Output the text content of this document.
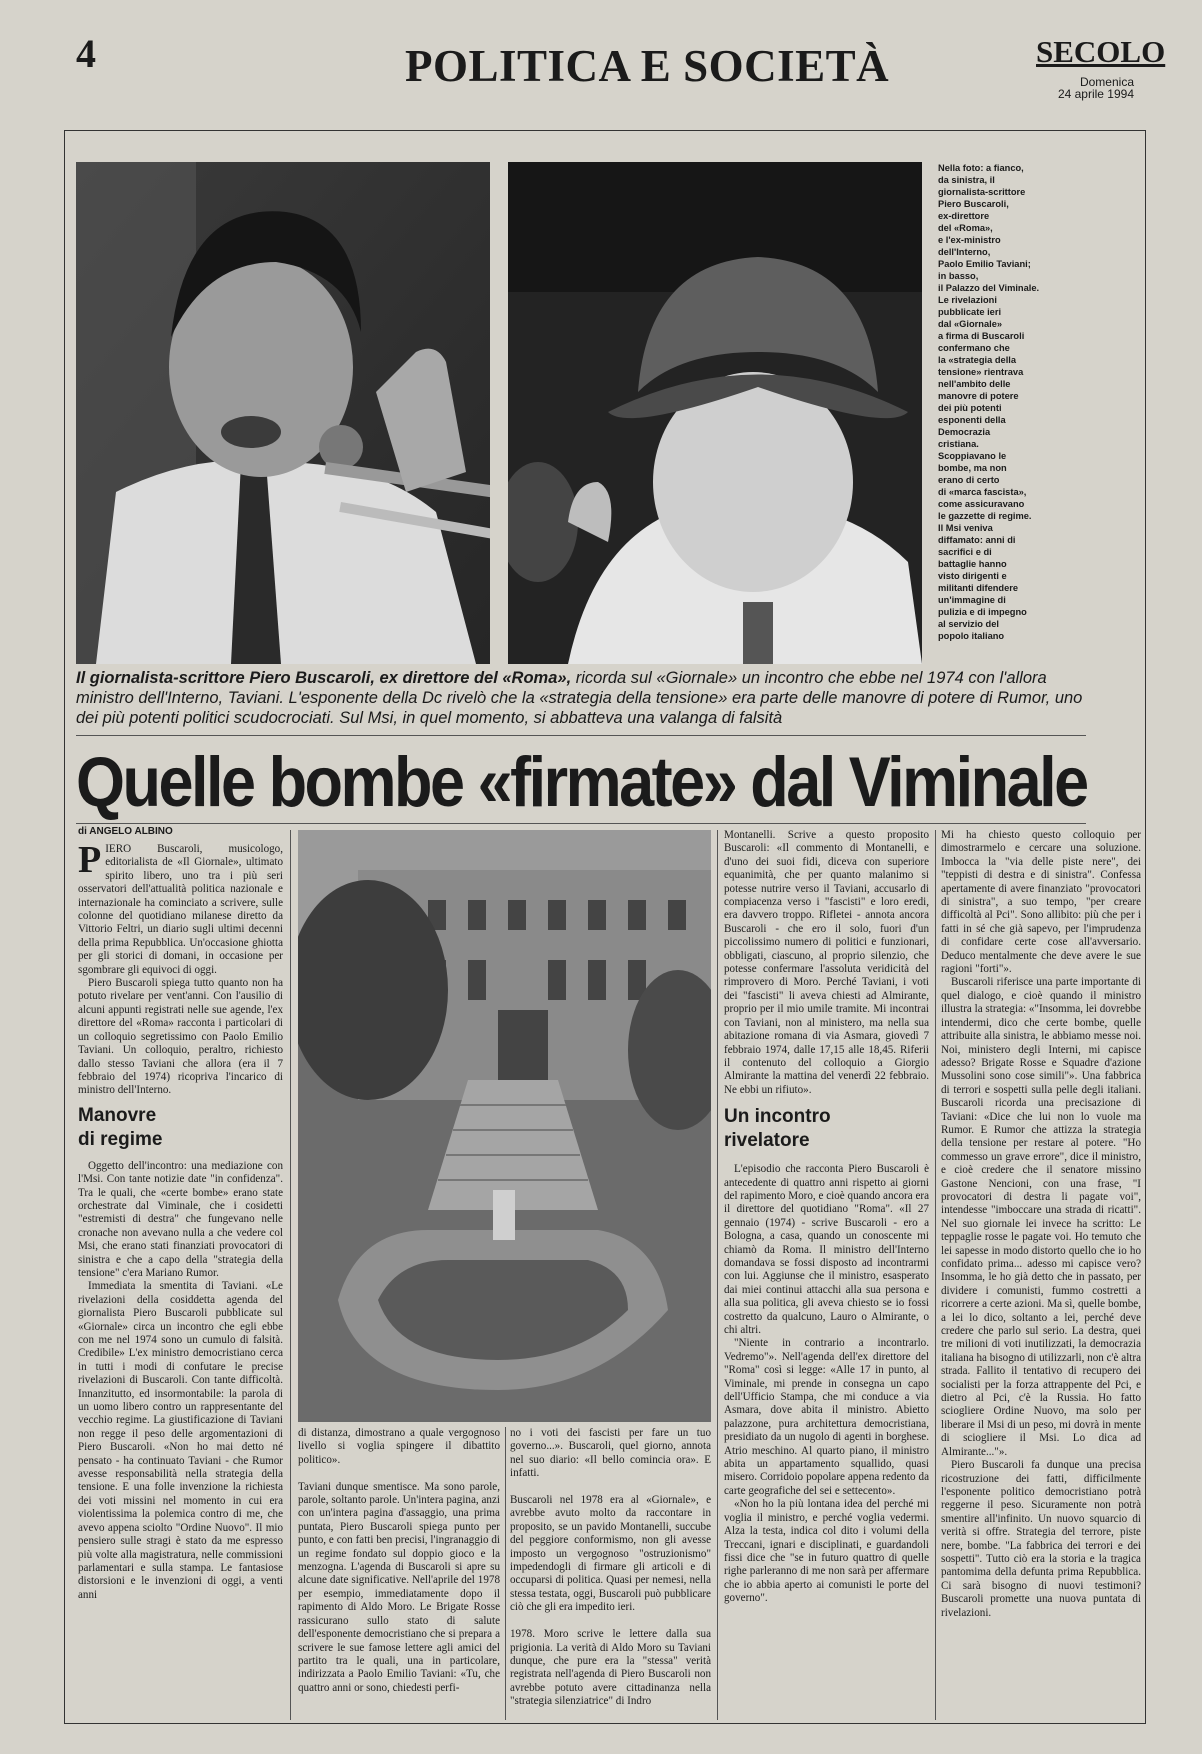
4	POLITICA E SOCIETÀ	SECOLO
Domenica
24 aprile 1994
Nella foto: a fianco,
da sinistra, il
giornalista-scrittore
Piero Buscaroli,
ex-direttore
del «Roma»,
e l'ex-ministro
dell'Interno,
Paolo Emilio Taviani;
in basso,
il Palazzo del Viminale.
Le rivelazioni
pubblicate ieri
dal «Giornale»
a firma di Buscaroli
confermano che
la «strategia della
tensione» rientrava
nell'ambito delle
manovre di potere
dei più potenti
esponenti della
Democrazia
cristiana.
Scoppiavano le
bombe, ma non
erano di certo
di «marca fascista»,
come assicuravano
le gazzette di regime.
Il Msi veniva
diffamato: anni di
sacrifici e di
battaglie hanno
visto dirigenti e
militanti difendere
un'immagine di
pulizia e di impegno
al servizio del
popolo italiano
Il giornalista-scrittore Piero Buscaroli, ex direttore del «Roma», ricorda sul «Giornale» un incontro che ebbe nel 1974 con l'allora ministro dell'Interno, Taviani. L'esponente della Dc rivelò che la «strategia della tensione» era parte delle manovre di potere di Rumor, uno dei più potenti politici scudocrociati. Sul Msi, in quel momento, si abbatteva una valanga di falsità
Quelle bombe «firmate» dal Viminale
di ANGELO ALBINO

PIERO Buscaroli, musicologo, editorialista de «Il Giornale», ultimato spirito libero, uno tra i più seri osservatori dell'attualità politica nazionale e internazionale ha cominciato a scrivere, sulle colonne del quotidiano milanese diretto da Vittorio Feltri, un diario sugli ultimi decenni della prima Repubblica. Un'occasione ghiotta per gli storici di domani, in occasione per sgombrare gli equivoci di oggi.

Piero Buscaroli spiega tutto quanto non ha potuto rivelare per vent'anni. Con l'ausilio di alcuni appunti registrati nelle sue agende, l'ex direttore del «Roma» racconta i particolari di un colloquio segretissimo con Paolo Emilio Taviani. Un colloquio, peraltro, richiesto dallo stesso Taviani che allora (era il 7 febbraio del 1974) ricopriva l'incarico di ministro dell'Interno.

Manovre
di regime

Oggetto dell'incontro: una mediazione con l'Msi. Con tante notizie date "in confidenza". Tra le quali, che «certe bombe» erano state orchestrate dal Viminale, che i cosidetti "estremisti di destra" che fungevano nelle cronache non avevano nulla a che vedere col Msi, che erano stati finanziati provocatori di sinistra e che a capo della "strategia della tensione" c'era Mariano Rumor.

Immediata la smentita di Taviani. «Le rivelazioni della cosiddetta agenda del giornalista Piero Buscaroli pubblicate sul «Giornale» circa un incontro che egli ebbe con me nel 1974 sono un cumulo di falsità. Credibile» L'ex ministro democristiano cerca in tutti i modi di confutare le precise rivelazioni di Buscaroli. Con tante difficoltà. Innanzitutto, ed insormontabile: la parola di un uomo libero contro un rappresentante del vecchio regime. La giustificazione di Taviani non regge il peso delle argomentazioni di Piero Buscaroli. «Non ho mai detto né pensato - ha continuato Taviani - che Rumor avesse responsabilità nella strategia della tensione. E una folle invenzione la richiesta dei voti missini nel momento in cui era violentissima la polemica contro di me, che avevo appena sciolto "Ordine Nuovo". Il mio pensiero sulle stragi è stato da me espresso più volte alla magistratura, nelle commissioni parlamentari e sulla stampa. Le fantasiose distorsioni e le invenzioni di oggi, a venti anni

di distanza, dimostrano a quale vergognoso livello si voglia spingere il dibattito politico».

Taviani dunque smentisce. Ma sono parole, parole, soltanto parole. Un'intera pagina, anzi con un'intera pagina d'assaggio, una prima puntata, Piero Buscaroli spiega punto per punto, e con fatti ben precisi, l'ingranaggio di un regime fondato sul doppio gioco e la menzogna. L'agenda di Buscaroli si apre su alcune date significative. Nell'aprile del 1978 per esempio, immediatamente dopo il rapimento di Aldo Moro. Le Brigate Rosse rassicurano sullo stato di salute dell'esponente democristiano che si prepara a scrivere le sue famose lettere agli amici del partito tra le quali, una in particolare, indirizzata a Paolo Emilio Taviani: «Tu, che quattro anni or sono, chiedesti perfi-
no i voti dei fascisti per fare un tuo governo...». Buscaroli, quel giorno, annota nel suo diario: «Il bello comincia ora». E infatti.

Buscaroli nel 1978 era al «Giornale», e avrebbe avuto molto da raccontare in proposito, se un pavido Montanelli, succube del peggiore conformismo, non gli avesse imposto un vergognoso "ostruzionismo" impedendogli di firmare gli articoli e di occuparsi di politica. Quasi per nemesi, nella stessa testata, oggi, Buscaroli può pubblicare ciò che gli era impedito ieri.

1978. Moro scrive le lettere dalla sua prigionia. La verità di Aldo Moro su Taviani dunque, che pure era la "stessa" verità registrata nell'agenda di Piero Buscaroli non avrebbe potuto avere cittadinanza nella "strategia silenziatrice" di Indro

Montanelli. Scrive a questo proposito Buscaroli: «Il commento di Montanelli, e d'uno dei suoi fidi, diceva con superiore equanimità, che per quanto malanimo si potesse nutrire verso il Taviani, accusarlo di compiacenza verso i "fascisti" e loro eredi, era davvero troppo. Rifletei - annota ancora Buscaroli - che ero il solo, fuori d'un piccolissimo numero di politici e funzionari, obbligati, ciascuno, al proprio silenzio, che potesse confermare l'assoluta veridicità del rimprovero di Moro. Perché Taviani, i voti dei "fascisti" li aveva chiesti ad Almirante, proprio per il mio umile tramite. Mi incontrai con Taviani, non al ministero, ma nella sua abitazione romana di via Asmara, giovedì 7 febbraio 1974, dalle 17,15 alle 18,45. Riferii il contenuto del colloquio a Giorgio Almirante la mattina del venerdì 22 febbraio. Ne ebbi un rifiuto».

Un incontro
rivelatore

L'episodio che racconta Piero Buscaroli è antecedente di quattro anni rispetto ai giorni del rapimento Moro, e cioè quando ancora era il direttore del quotidiano "Roma". «Il 27 gennaio (1974) - scrive Buscaroli - ero a Bologna, a casa, quando un conoscente mi chiamò da Roma. Il ministro dell'Interno domandava se fossi disposto ad incontrarmi con lui. Aggiunse che il ministro, esasperato dai miei continui attacchi alla sua persona e alla sua politica, gli aveva chiesto se io fossi costretto da qualcuno, Lauro o Almirante, o chi altri.

"Niente in contrario a incontrarlo. Vedremo"». Nell'agenda dell'ex direttore del "Roma" così si legge: «Alle 17 in punto, al Viminale, mi prende in consegna un capo dell'Ufficio Stampa, che mi conduce a via Asmara, dove abita il ministro. Abietto palazzone, pura architettura democristiana, presidiato da un nugolo di agenti in borghese. Atrio meschino. Al quarto piano, il ministro abita un appartamento squallido, quasi misero. Corridoio popolare appena redento da carte geografiche del sei e settecento».

«Non ho la più lontana idea del perché mi voglia il ministro, e perché voglia vedermi. Alza la testa, indica col dito i volumi della Treccani, ignari e disciplinati, e guardandoli fissi dice che "se in futuro quattro di quelle righe parleranno di me non sarà per affermare che io abbia aperto ai comunisti le porte del governo".

Mi ha chiesto questo colloquio per dimostrarmelo e cercare una soluzione. Imbocca la "via delle piste nere", dei "teppisti di destra e di sinistra". Confessa apertamente di avere finanziato "provocatori di sinistra", a suo tempo, "per creare difficoltà al Pci". Sono allibito: più che per i fatti in sé che già sapevo, per l'imprudenza di confidare certe cose all'avversario. Deduco mentalmente che deve avere le sue ragioni "forti"».

Buscaroli riferisce una parte importante di quel dialogo, e cioè quando il ministro illustra la strategia: «"Insomma, lei dovrebbe intendermi, dico che certe bombe, quelle attribuite alla sinistra, le abbiamo messe noi. Noi, ministero degli Interni, mi capisce adesso? Brigate Rosse e Squadre d'azione Mussolini sono cose simili"». Una fabbrica di terrori e sospetti sulla pelle degli italiani. Buscaroli ricorda una precisazione di Taviani: «Dice che lui non lo vuole ma Rumor. E Rumor che attizza la strategia della tensione per restare al potere. "Ho commesso un grave errore", dice il ministro, e cioè credere che il senatore missino Gastone Nencioni, con una frase, "I provocatori di destra li pagate voi", intendesse "imboccare una strada di ricatti". Nel suo giornale lei invece ha scritto: Le teppaglie rosse le pagate voi. Ho temuto che lei sapesse in modo distorto quello che io ho confidato prima... adesso mi capisce vero? Insomma, le ho già detto che in passato, per dividere i comunisti, fummo costretti a ricorrere a certe azioni. Ma sì, quelle bombe, a lei lo dico, soltanto a lei, perché deve credere che parlo sul serio. La destra, quei tre milioni di voti inutilizzati, la democrazia italiana ha bisogno di utilizzarli, non c'è altra strada. Fallito il tentativo di recupero dei socialisti per la forza attrappente del Pci, e dietro al Pci, c'è la Russia. Ho fatto sciogliere Ordine Nuovo, ma solo per liberare il Msi di un peso, mi dovrà in mente di sciogliere il Msi. Lo dica ad Almirante..."».

Piero Buscaroli fa dunque una precisa ricostruzione dei fatti, difficilmente l'esponente politico democristiano potrà reggerne il peso. Sicuramente non potrà smentire all'infinito. Un nuovo squarcio di verità si offre. Strategia del terrore, piste nere, bombe. "La fabbrica dei terrori e dei sospetti". Tutto ciò era la storia e la tragica pantomima della defunta prima Repubblica. Ci sarà bisogno di nuovi testimoni? Buscaroli promette una nuova puntata di rivelazioni.
